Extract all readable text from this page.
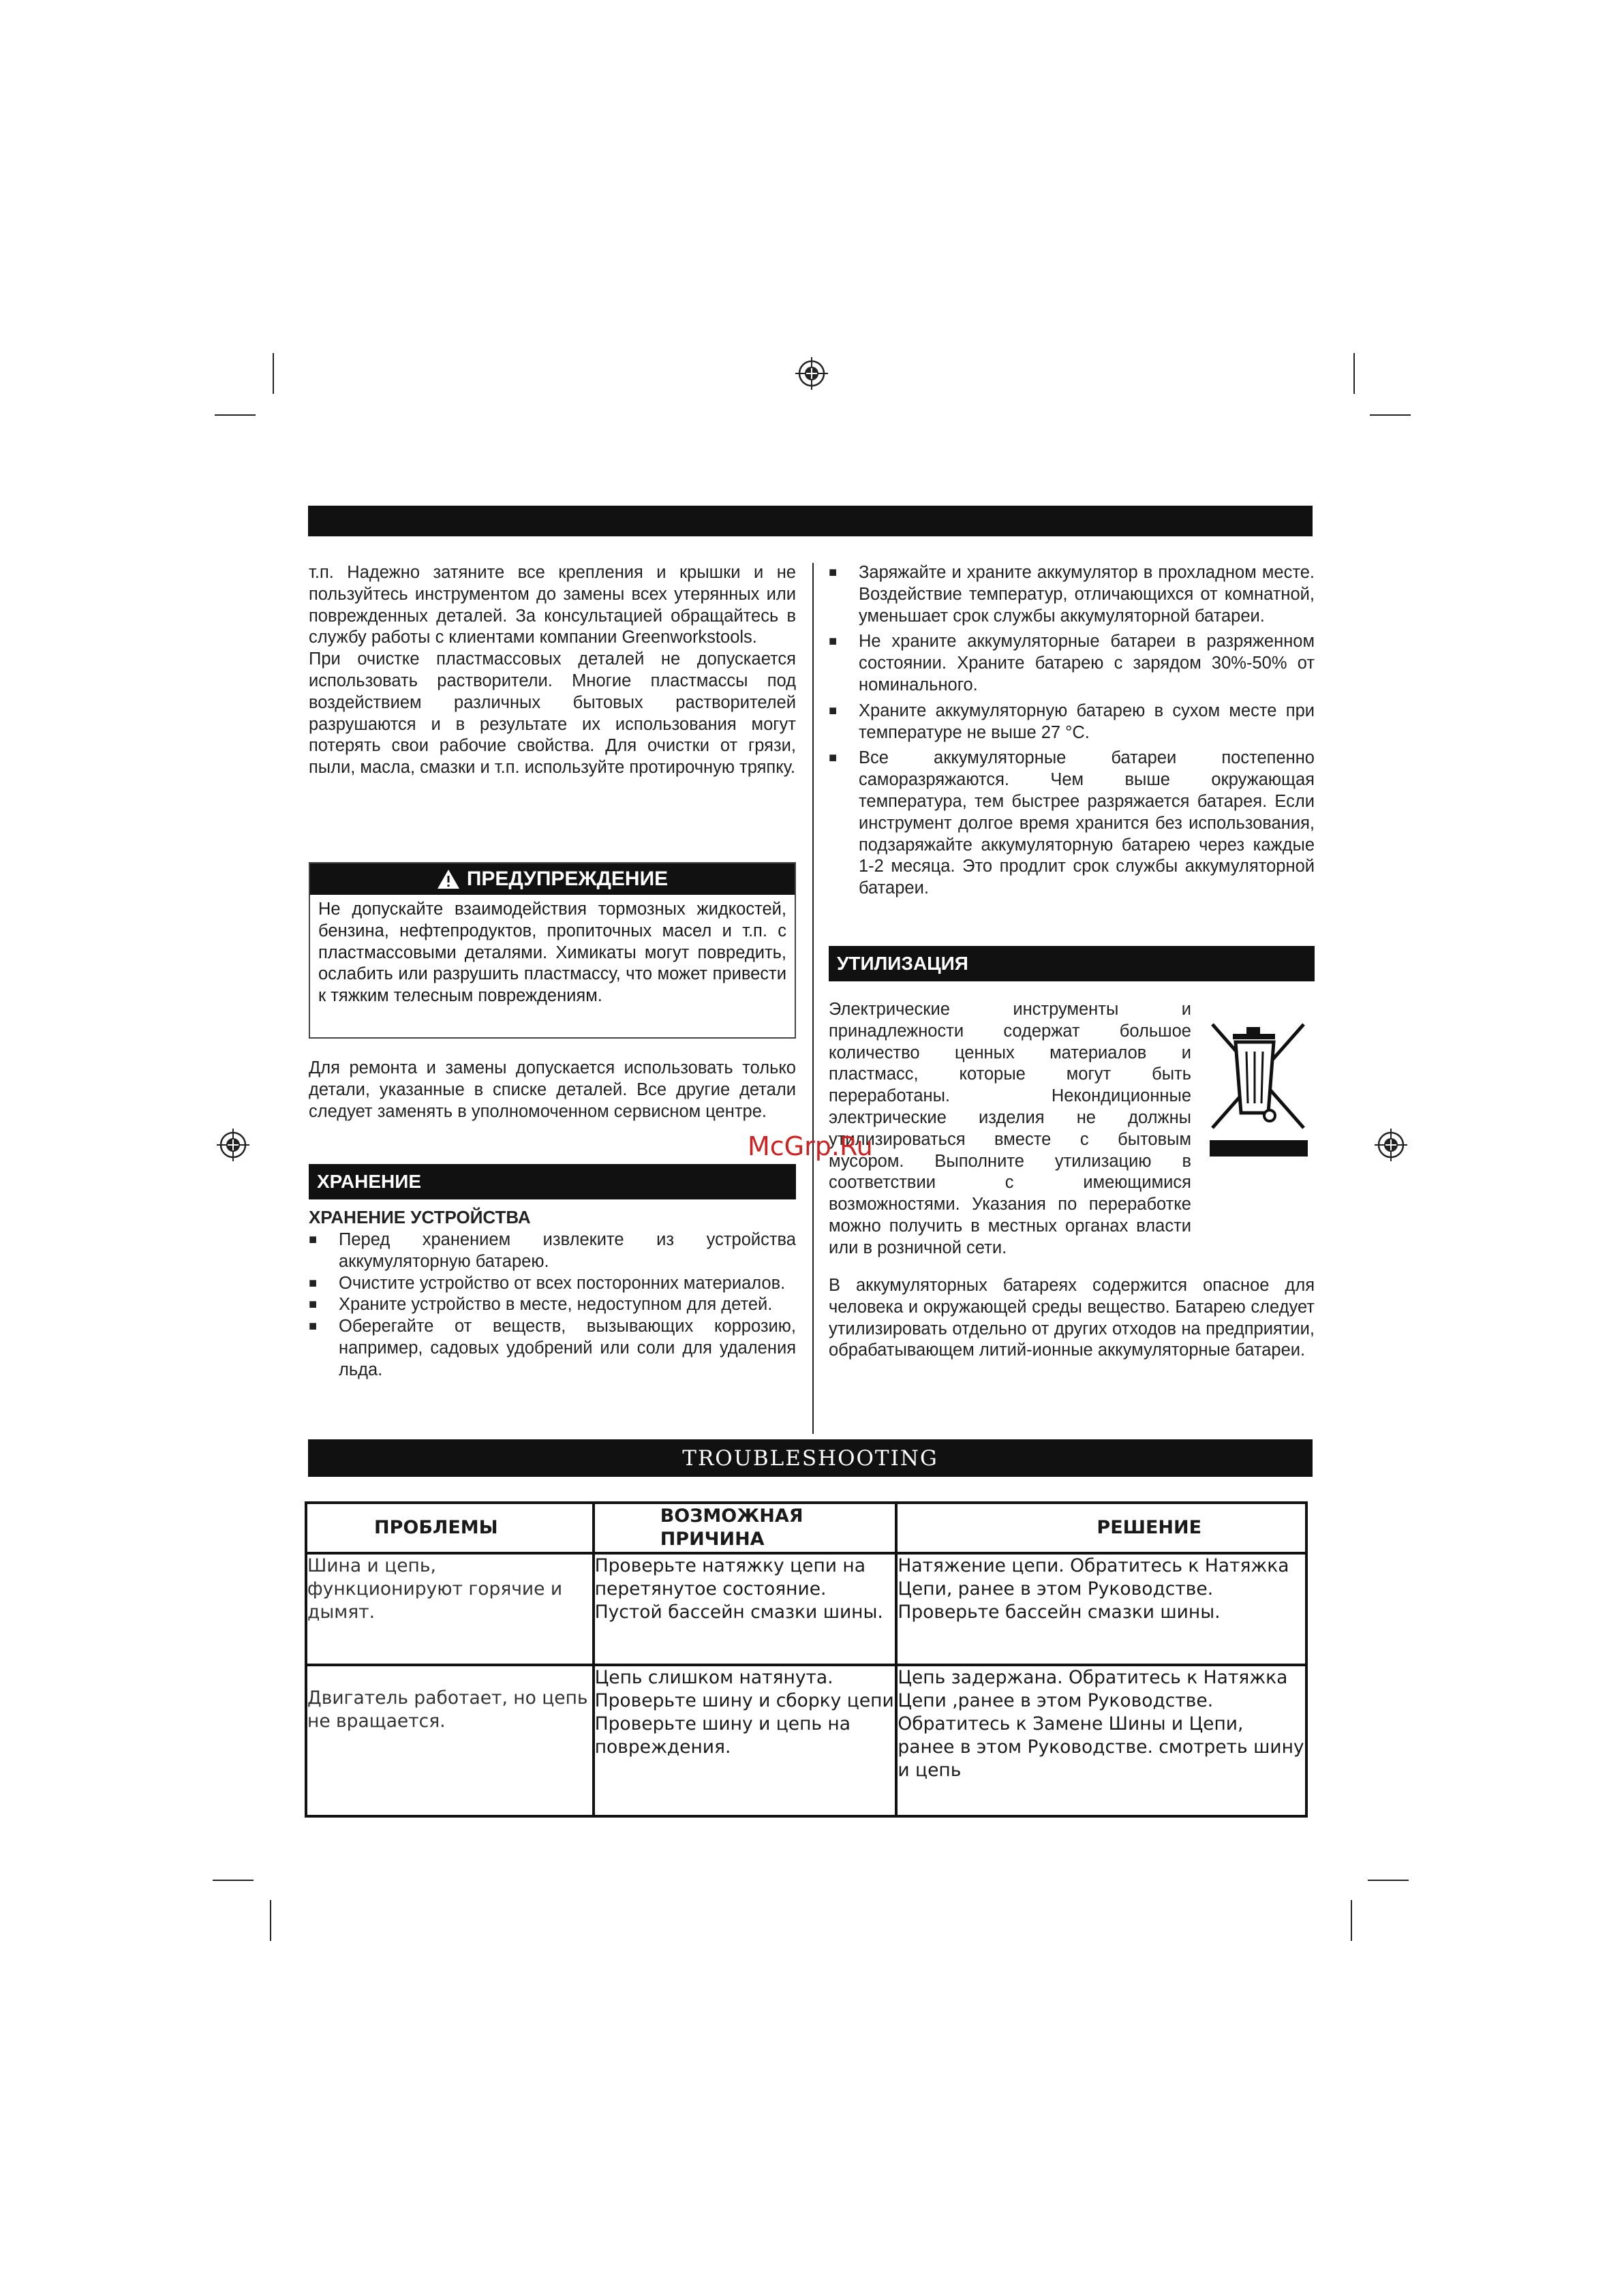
т.п. Надежно затяните все крепления и крышки и не пользуйтесь инструментом до замены всех утерянных или поврежденных деталей. За консультацией обращайтесь в службу работы с клиентами компании Greenworkstools.

При очистке пластмассовых деталей не допускается использовать растворители. Многие пластмассы под воздействием различных бытовых растворителей разрушаются и в результате их использования могут потерять свои рабочие свойства. Для очистки от грязи, пыли, масла, смазки и т.п. используйте протирочную тряпку.

ПРЕДУПРЕЖДЕНИЕ
Не допускайте взаимодействия тормозных жидкостей, бензина, нефтепродуктов, пропиточных масел и т.п. с пластмассовыми деталями. Химикаты могут повредить, ослабить или разрушить пластмассу, что может привести к тяжким телесным повреждениям.

Для ремонта и замены допускается использовать только детали, указанные в списке деталей. Все другие детали следует заменять в уполномоченном сервисном центре.

ХРАНЕНИЕ
ХРАНЕНИЕ УСТРОЙСТВА
■	Перед хранением извлеките из устройства аккумуляторную батарею.
■	Очистите устройство от всех посторонних материалов.
■	Храните устройство в месте, недоступном для детей.
■	Оберегайте от веществ, вызывающих коррозию, например, садовых удобрений или соли для удаления льда.
■	Заряжайте и храните аккумулятор в прохладном месте. Воздействие температур, отличающихся от комнатной, уменьшает срок службы аккумуляторной батареи.
■	Не храните аккумуляторные батареи в разряженном состоянии. Храните батарею с зарядом 30%-50% от номинального.
■	Храните аккумуляторную батарею в сухом месте при температуре не выше 27 °C.
■	Все аккумуляторные батареи постепенно саморазряжаются. Чем выше окружающая температура, тем быстрее разряжается батарея. Если инструмент долгое время хранится без использования, подзаряжайте аккумуляторную батарею через каждые 1-2 месяца. Это продлит срок службы аккумуляторной батареи.
УТИЛИЗАЦИЯ

Электрические инструменты и принадлежности содержат большое количество ценных материалов и пластмасс, которые могут быть переработаны. Некондиционные электрические изделия не должны утилизироваться вместе с бытовым мусором. Выполните утилизацию в соответствии с имеющимися возможностями. Указания по переработке можно получить в местных органах власти или в розничной сети.

В аккумуляторных батареях содержится опасное для человека и окружающей среды вещество. Батарею следует утилизировать отдельно от других отходов на предприятии, обрабатывающем литий-ионные аккумуляторные батареи.

McGrp.Ru
TROUBLESHOOTING
ПРОБЛЕМЫ	ВОЗМОЖНАЯ ПРИЧИНА	РЕШЕНИЕ
Шина и цепь, функционируют горячие и дымят.	Проверьте натяжку цепи на перетянутое состояние. Пустой бассейн смазки шины.	Натяжение цепи. Обратитесь к Натяжка Цепи, ранее в этом Руководстве. Проверьте бассейн смазки шины.
Двигатель работает, но цепь не вращается.	Цепь слишком натянута. Проверьте шину и сборку цепи Проверьте шину и цепь на повреждения.	Цепь задержана. Обратитесь к Натяжка Цепи ,ранее в этом Руководстве. Обратитесь к Замене Шины и Цепи, ранее в этом Руководстве. смотреть шину и цепь
